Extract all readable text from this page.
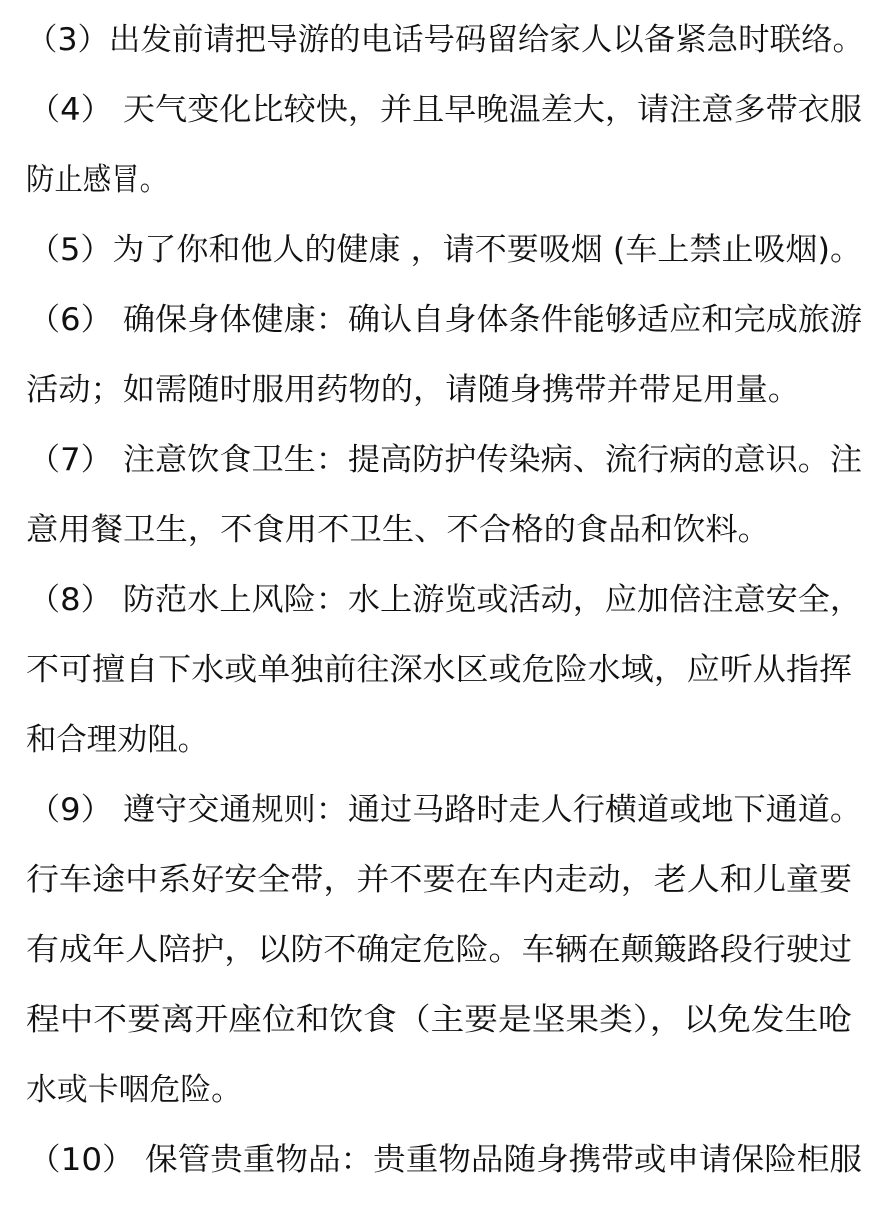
（3）出发前请把导游的电话号码留给家人以备紧急时联络。
（4） 天气变化比较快，并且早晚温差大，请注意多带衣服
防止感冒。
（5）为了你和他人的健康 ，请不要吸烟 (车上禁止吸烟)。
（6） 确保身体健康：确认自身体条件能够适应和完成旅游
活动；如需随时服用药物的，请随身携带并带足用量。
（7） 注意饮食卫生：提高防护传染病、流行病的意识。注
意用餐卫生，不食用不卫生、不合格的食品和饮料。
（8） 防范水上风险：水上游览或活动，应加倍注意安全，
不可擅自下水或单独前往深水区或危险水域，应听从指挥
和合理劝阻。
（9） 遵守交通规则：通过马路时走人行横道或地下通道。
行车途中系好安全带，并不要在车内走动，老人和儿童要
有成年人陪护，以防不确定危险。车辆在颠簸路段行驶过
程中不要离开座位和饮食（主要是坚果类），以免发生呛
水或卡咽危险。
（10） 保管贵重物品：贵重物品随身携带或申请保险柜服
